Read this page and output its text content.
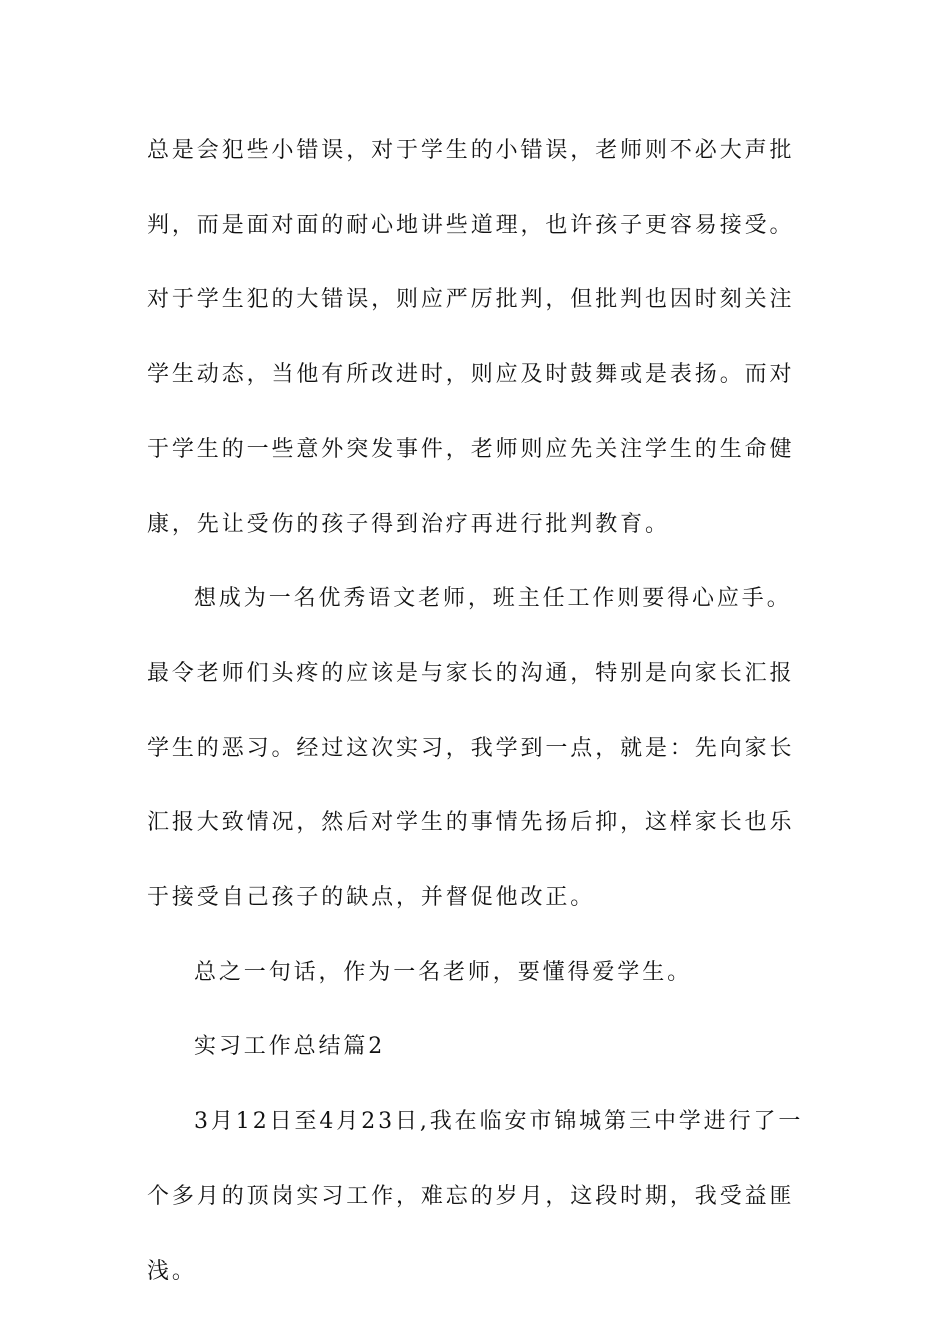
总是会犯些小错误，对于学生的小错误，老师则不必大声批判，而是面对面的耐心地讲些道理，也许孩子更容易接受。对于学生犯的大错误，则应严厉批判，但批判也因时刻关注学生动态，当他有所改进时，则应及时鼓舞或是表扬。而对于学生的一些意外突发事件，老师则应先关注学生的生命健康，先让受伤的孩子得到治疗再进行批判教育。

想成为一名优秀语文老师，班主任工作则要得心应手。最令老师们头疼的应该是与家长的沟通，特别是向家长汇报学生的恶习。经过这次实习，我学到一点，就是：先向家长汇报大致情况，然后对学生的事情先扬后抑，这样家长也乐于接受自己孩子的缺点，并督促他改正。

总之一句话，作为一名老师，要懂得爱学生。

实习工作总结篇2

3月12日至4月23日,我在临安市锦城第三中学进行了一个多月的顶岗实习工作，难忘的岁月，这段时期，我受益匪浅。
